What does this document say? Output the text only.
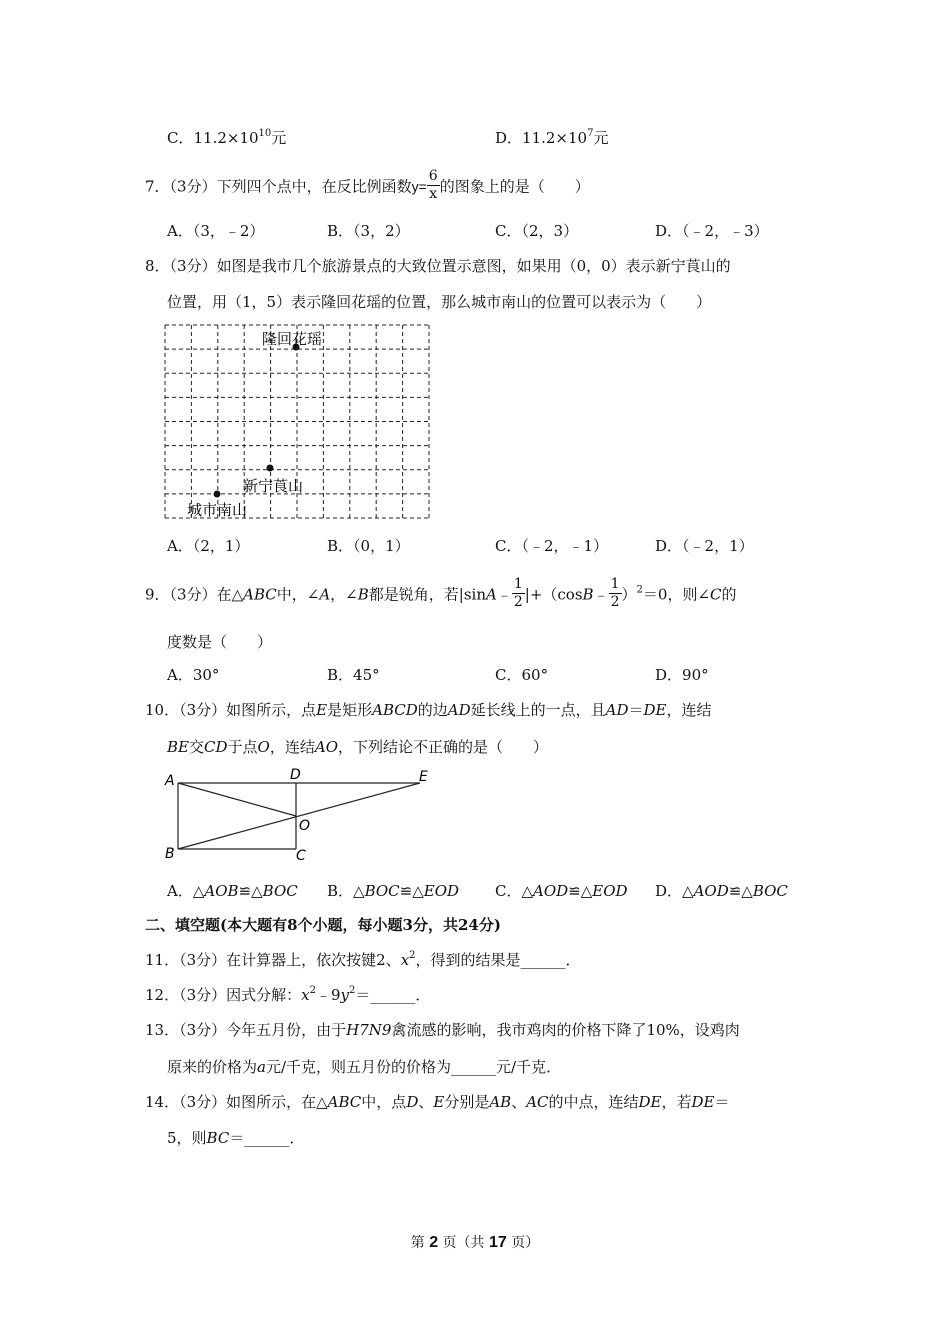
C．$11.2\times 10^{10}$元	D．$11.2\times 10^7$元
7．（3分）下列四个点中，在反比例函数$y= \frac{6}{x}$ 的图象上的是（　　）
A．（3，﹣2）	B．（3，2）	C．（2，3）	D．（﹣2，﹣3）
8．（3分）如图是我市几个旅游景点的大致位置示意图，如果用（0，0）表示新宁莨山的
位置，用（1，5）表示隆回花瑶的位置，那么城市南山的位置可以表示为（　　）
隆回花瑶
新宁莨山
城市南山
A．（2，1）	B．（0，1）	C．（﹣2，﹣1）	D．（﹣2，1）
9．（3分）在△ABC中，∠A，∠B都是锐角，若|sinA﹣ $\frac{1}{2}$ |+（cosB﹣ $\frac{1}{2} )^2=0$，则∠C的
度数是（　　）
A．30°	B．45°	C．60°	D．90°
10．（3分）如图所示，点E是矩形ABCD的边AD延长线上的一点，且AD＝DE，连结
BE交CD于点O，连结AO，下列结论不正确的是（　　）
A	D	E
O
B	C
A．△AOB≌△BOC B．△BOC≌△EOD C．△AOD≌△EOD D．△AOD≌△BOC
二、填空题(本大题有8个小题，每小题3分，共24分)
11．（3分）在计算器上，依次按键2、$x^2$，得到的结果是______．
12．（3分）因式分解：$x^2﹣9y^2=\_\_\_\_\_\_$．
13．（3分）今年五月份，由于H7N9禽流感的影响，我市鸡肉的价格下降了10%，设鸡肉
原来的价格为a元/千克，则五月份的价格为______元/千克．
14．（3分）如图所示，在△ABC中，点D、E分别是AB、AC的中点，连结DE，若DE＝
5，则BC＝______．
第 2 页（共 17 页）
